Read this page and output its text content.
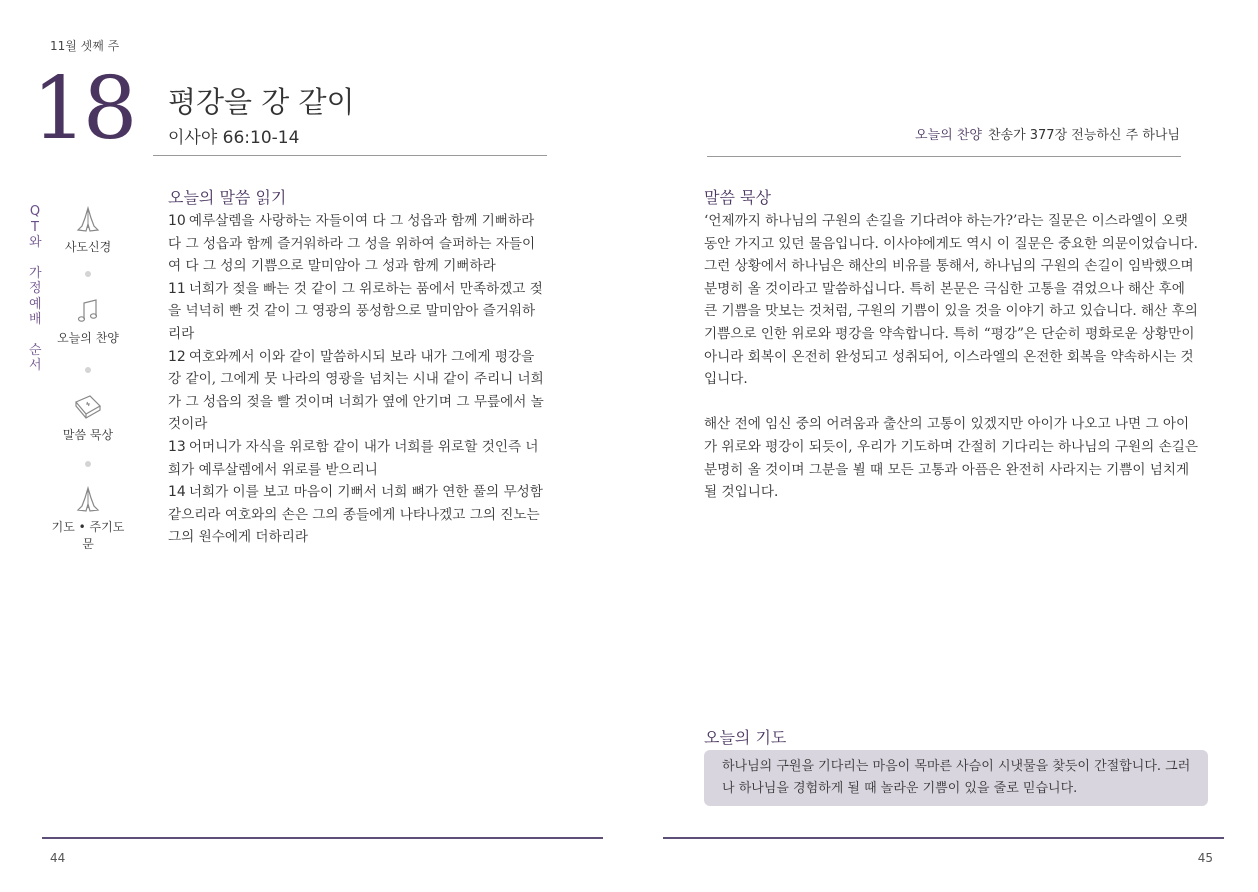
11월 셋째 주
18 평강을 강 같이
이사야 66:10-14	오늘의 찬양 찬송가 377장 전능하신 주 하나님
Q
T
와
가
정
예
배
순
서
사도신경
오늘의 찬양
말씀 묵상
기도 • 주기도문
오늘의 말씀 읽기
10 예루살렘을 사랑하는 자들이여 다 그 성읍과 함께 기뻐하라 다 그 성읍과 함께 즐거워하라 그 성을 위하여 슬퍼하는 자들이여 다 그 성의 기쁨으로 말미암아 그 성과 함께 기뻐하라
11 너희가 젖을 빠는 것 같이 그 위로하는 품에서 만족하겠고 젖을 넉넉히 빤 것 같이 그 영광의 풍성함으로 말미암아 즐거워하리라
12 여호와께서 이와 같이 말씀하시되 보라 내가 그에게 평강을 강 같이, 그에게 뭇 나라의 영광을 넘치는 시내 같이 주리니 너희가 그 성읍의 젖을 빨 것이며 너희가 옆에 안기며 그 무릎에서 놀 것이라
13 어머니가 자식을 위로함 같이 내가 너희를 위로할 것인즉 너희가 예루살렘에서 위로를 받으리니
14 너희가 이를 보고 마음이 기뻐서 너희 뼈가 연한 풀의 무성함 같으리라 여호와의 손은 그의 종들에게 나타나겠고 그의 진노는 그의 원수에게 더하리라
말씀 묵상

‘언제까지 하나님의 구원의 손길을 기다려야 하는가?’라는 질문은 이스라엘이 오랫동안 가지고 있던 물음입니다. 이사야에게도 역시 이 질문은 중요한 의문이었습니다. 그런 상황에서 하나님은 해산의 비유를 통해서, 하나님의 구원의 손길이 임박했으며 분명히 올 것이라고 말씀하십니다. 특히 본문은 극심한 고통을 겪었으나 해산 후에 큰 기쁨을 맛보는 것처럼, 구원의 기쁨이 있을 것을 이야기 하고 있습니다. 해산 후의 기쁨으로 인한 위로와 평강을 약속합니다. 특히 “평강”은 단순히 평화로운 상황만이 아니라 회복이 온전히 완성되고 성취되어, 이스라엘의 온전한 회복을 약속하시는 것입니다.

해산 전에 임신 중의 어려움과 출산의 고통이 있겠지만 아이가 나오고 나면 그 아이가 위로와 평강이 되듯이, 우리가 기도하며 간절히 기다리는 하나님의 구원의 손길은 분명히 올 것이며 그분을 뵐 때 모든 고통과 아픔은 완전히 사라지는 기쁨이 넘치게 될 것입니다.

오늘의 기도
하나님의 구원을 기다리는 마음이 목마른 사슴이 시냇물을 찾듯이 간절합니다. 그러나 하나님을 경험하게 될 때 놀라운 기쁨이 있을 줄로 믿습니다.
44	45
